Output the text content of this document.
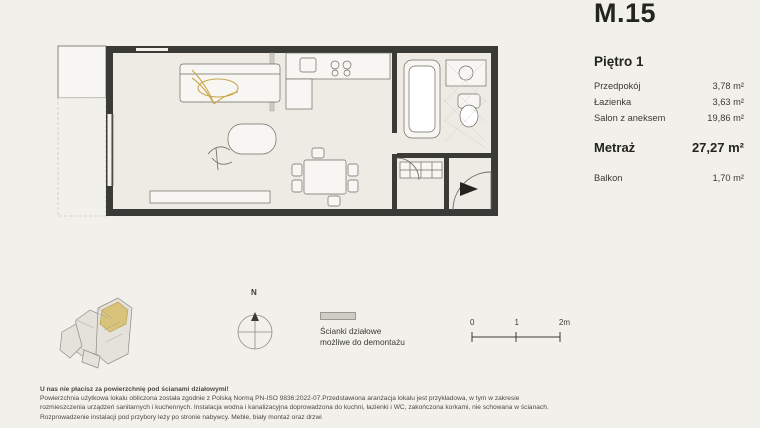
N
Ścianki działowe
możliwe do demontażu
0	1	2m

U nas nie płacisz za powierzchnię pod ścianami działowymi!

Powierzchnia użytkowa lokalu obliczona została zgodnie z Polską Normą PN-ISO 9836:2022-07.Przedstawiona aranżacja lokalu jest przykładowa, w tym w zakresie rozmieszczenia urządzeń sanitarnych i kuchennych. Instalacja wodna i kanalizacyjna doprowadzona do kuchni, łazienki i WC, zakończona korkami, nie schowana w ścianach. Rozprowadzenie instalacji pod przybory leży po stronie nabywcy. Meble, biały montaż oraz drzwi

M.15
Piętro 1
Przedpokój	3,78 m²
Łazienka	3,63 m²
Salon z aneksem	19,86 m²
Metraż	27,27 m²
Balkon	1,70 m²
